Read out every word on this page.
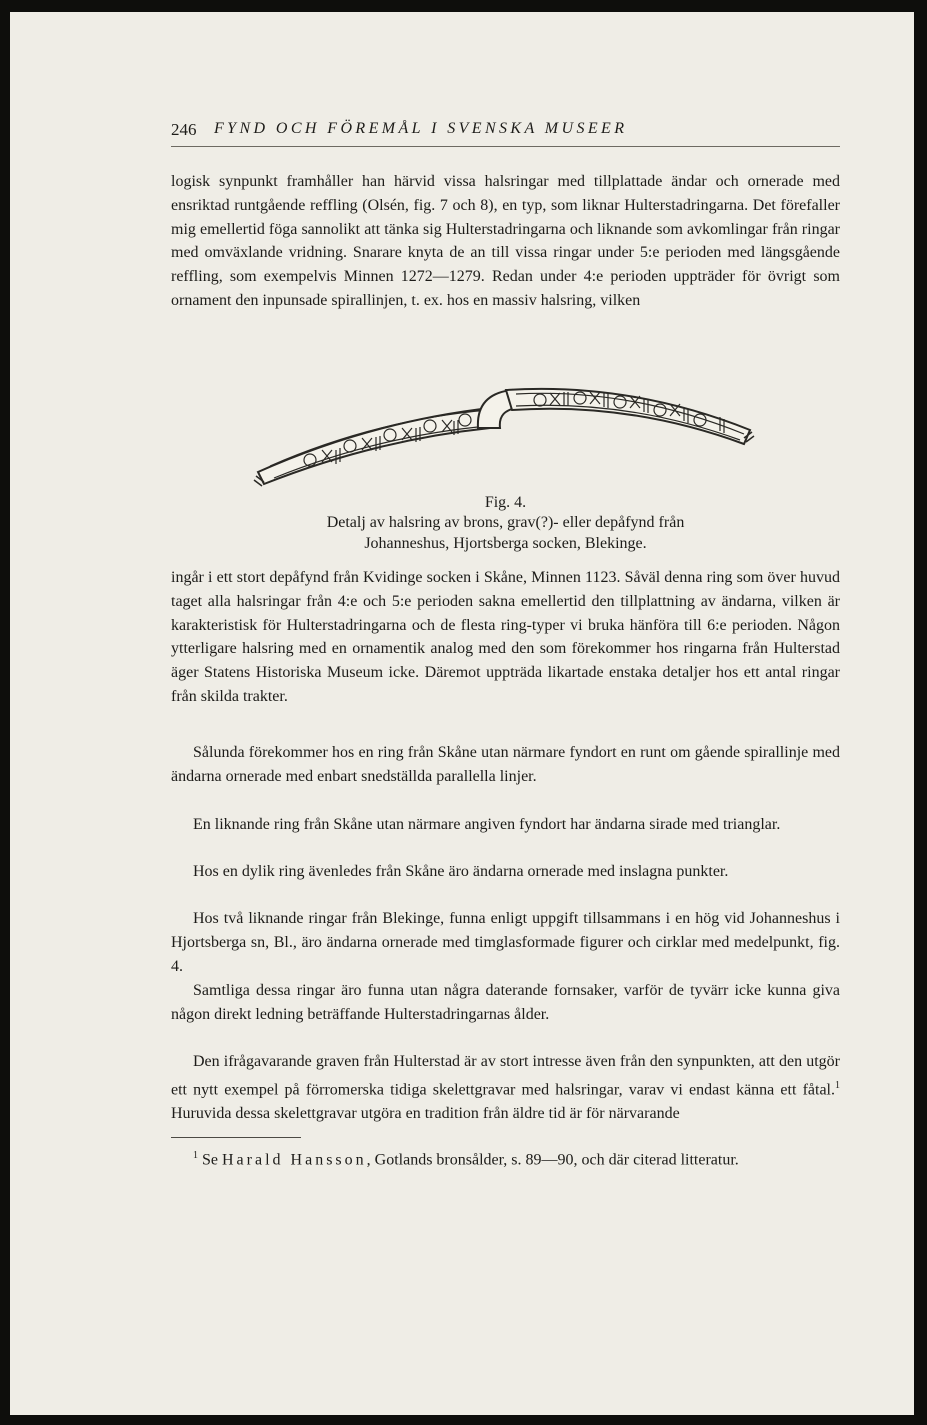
246 FYND OCH FÖREMÅL I SVENSKA MUSEER

logisk synpunkt framhåller han härvid vissa halsringar med tillplattade ändar och ornerade med ensriktad runtgående reffling (Olsén, fig. 7 och 8), en typ, som liknar Hulterstadringarna. Det förefaller mig emellertid föga sannolikt att tänka sig Hulterstadringarna och liknande som avkomlingar från ringar med omväxlande vridning. Snarare knyta de an till vissa ringar under 5:e perioden med längsgående reffling, som exempelvis Minnen 1272—1279. Redan under 4:e perioden uppträder för övrigt som ornament den inpunsade spirallinjen, t. ex. hos en massiv halsring, vilken

Fig. 4.

Detalj av halsring av brons, grav(?)- eller depåfynd från

Johanneshus, Hjortsberga socken, Blekinge.

ingår i ett stort depåfynd från Kvidinge socken i Skåne, Minnen 1123. Såväl denna ring som över huvud taget alla halsringar från 4:e och 5:e perioden sakna emellertid den tillplattning av ändarna, vilken är karakteristisk för Hulterstadringarna och de flesta ring-typer vi bruka hänföra till 6:e perioden. Någon ytterligare halsring med en ornamentik analog med den som förekommer hos ringarna från Hulterstad äger Statens Historiska Museum icke. Däremot uppträda likartade enstaka detaljer hos ett antal ringar från skilda trakter.

Sålunda förekommer hos en ring från Skåne utan närmare fyndort en runt om gående spirallinje med ändarna ornerade med enbart snedställda parallella linjer.

En liknande ring från Skåne utan närmare angiven fyndort har ändarna sirade med trianglar.

Hos en dylik ring ävenledes från Skåne äro ändarna ornerade med inslagna punkter.

Hos två liknande ringar från Blekinge, funna enligt uppgift tillsammans i en hög vid Johanneshus i Hjortsberga sn, Bl., äro ändarna ornerade med timglasformade figurer och cirklar med medelpunkt, fig. 4.

Samtliga dessa ringar äro funna utan några daterande fornsaker, varför de tyvärr icke kunna giva någon direkt ledning beträffande Hulterstadringarnas ålder.

Den ifrågavarande graven från Hulterstad är av stort intresse även från den synpunkten, att den utgör ett nytt exempel på förromerska tidiga skelettgravar med halsringar, varav vi endast känna ett fåtal.$^1$ Huruvida dessa skelettgravar utgöra en tradition från äldre tid är för närvarande

$^1$ Se Harald Hansson, Gotlands bronsålder, s. 89—90, och där citerad litteratur.
